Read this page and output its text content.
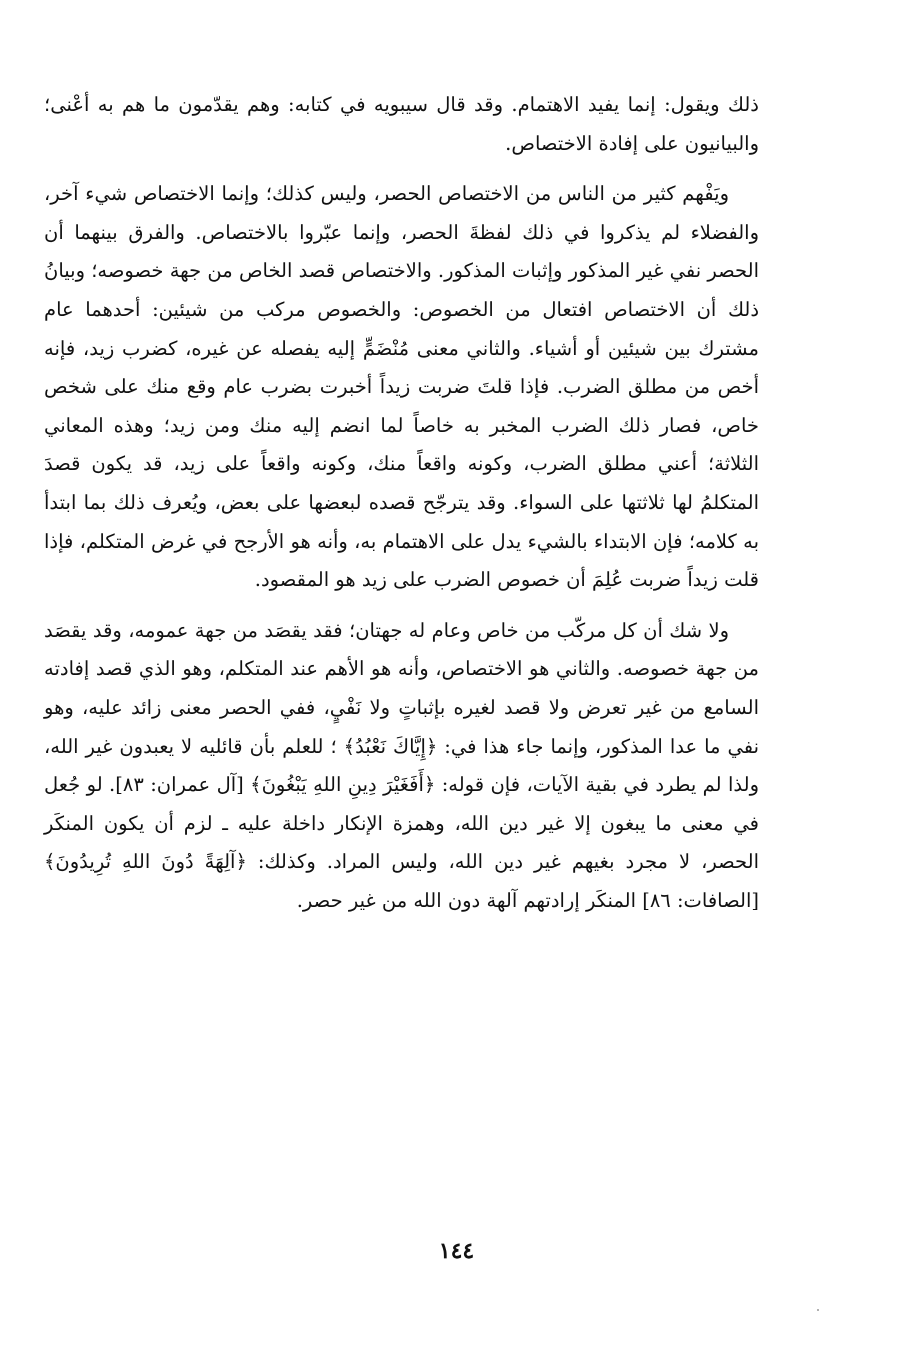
ذلك ويقول: إنما يفيد الاهتمام. وقد قال سيبويه في كتابه: وهم يقدّمون ما هم به أعْنى؛ والبيانيون على إفادة الاختصاص.

ويَفْهم كثير من الناس من الاختصاص الحصر، وليس كذلك؛ وإنما الاختصاص شيء آخر، والفضلاء لم يذكروا في ذلك لفظةَ الحصر، وإنما عبّروا بالاختصاص. والفرق بينهما أن الحصر نفي غير المذكور وإثبات المذكور. والاختصاص قصد الخاص من جهة خصوصه؛ وبيانُ ذلك أن الاختصاص افتعال من الخصوص: والخصوص مركب من شيئين: أحدهما عام مشترك بين شيئين أو أشياء. والثاني معنى مُنْضَمٍّ إليه يفصله عن غيره، كضرب زيد، فإنه أخص من مطلق الضرب. فإذا قلتَ ضربت زيداً أخبرت بضرب عام وقع منك على شخص خاص، فصار ذلك الضرب المخبر به خاصاً لما انضم إليه منك ومن زيد؛ وهذه المعاني الثلاثة؛ أعني مطلق الضرب، وكونه واقعاً منك، وكونه واقعاً على زيد، قد يكون قصدَ المتكلمُ لها ثلاثتها على السواء. وقد يترجّح قصده لبعضها على بعض، ويُعرف ذلك بما ابتدأ به كلامه؛ فإن الابتداء بالشيء يدل على الاهتمام به، وأنه هو الأرجح في غرض المتكلم، فإذا قلت زيداً ضربت عُلِمَ أن خصوص الضرب على زيد هو المقصود.

ولا شك أن كل مركّب من خاص وعام له جهتان؛ فقد يقصَد من جهة عمومه، وقد يقصَد من جهة خصوصه. والثاني هو الاختصاص، وأنه هو الأهم عند المتكلم، وهو الذي قصد إفادته السامع من غير تعرض ولا قصد لغيره بإثباتٍ ولا نَفْيٍ، ففي الحصر معنى زائد عليه، وهو نفي ما عدا المذكور، وإنما جاء هذا في: ﴿إِيَّاكَ نَعْبُدُ﴾ ؛ للعلم بأن قائليه لا يعبدون غير الله، ولذا لم يطرد في بقية الآيات، فإن قوله: ﴿أَفَغَيْرَ دِينِ اللهِ يَبْغُونَ﴾ [آل عمران: ٨٣]. لو جُعل في معنى ما يبغون إلا غير دين الله، وهمزة الإنكار داخلة عليه ـ لزم أن يكون المنكَر الحصر، لا مجرد بغيهم غير دين الله، وليس المراد. وكذلك: ﴿آلِهَةً دُونَ اللهِ تُرِيدُونَ﴾ [الصافات: ٨٦] المنكَر إرادتهم آلهة دون الله من غير حصر.

١٤٤
